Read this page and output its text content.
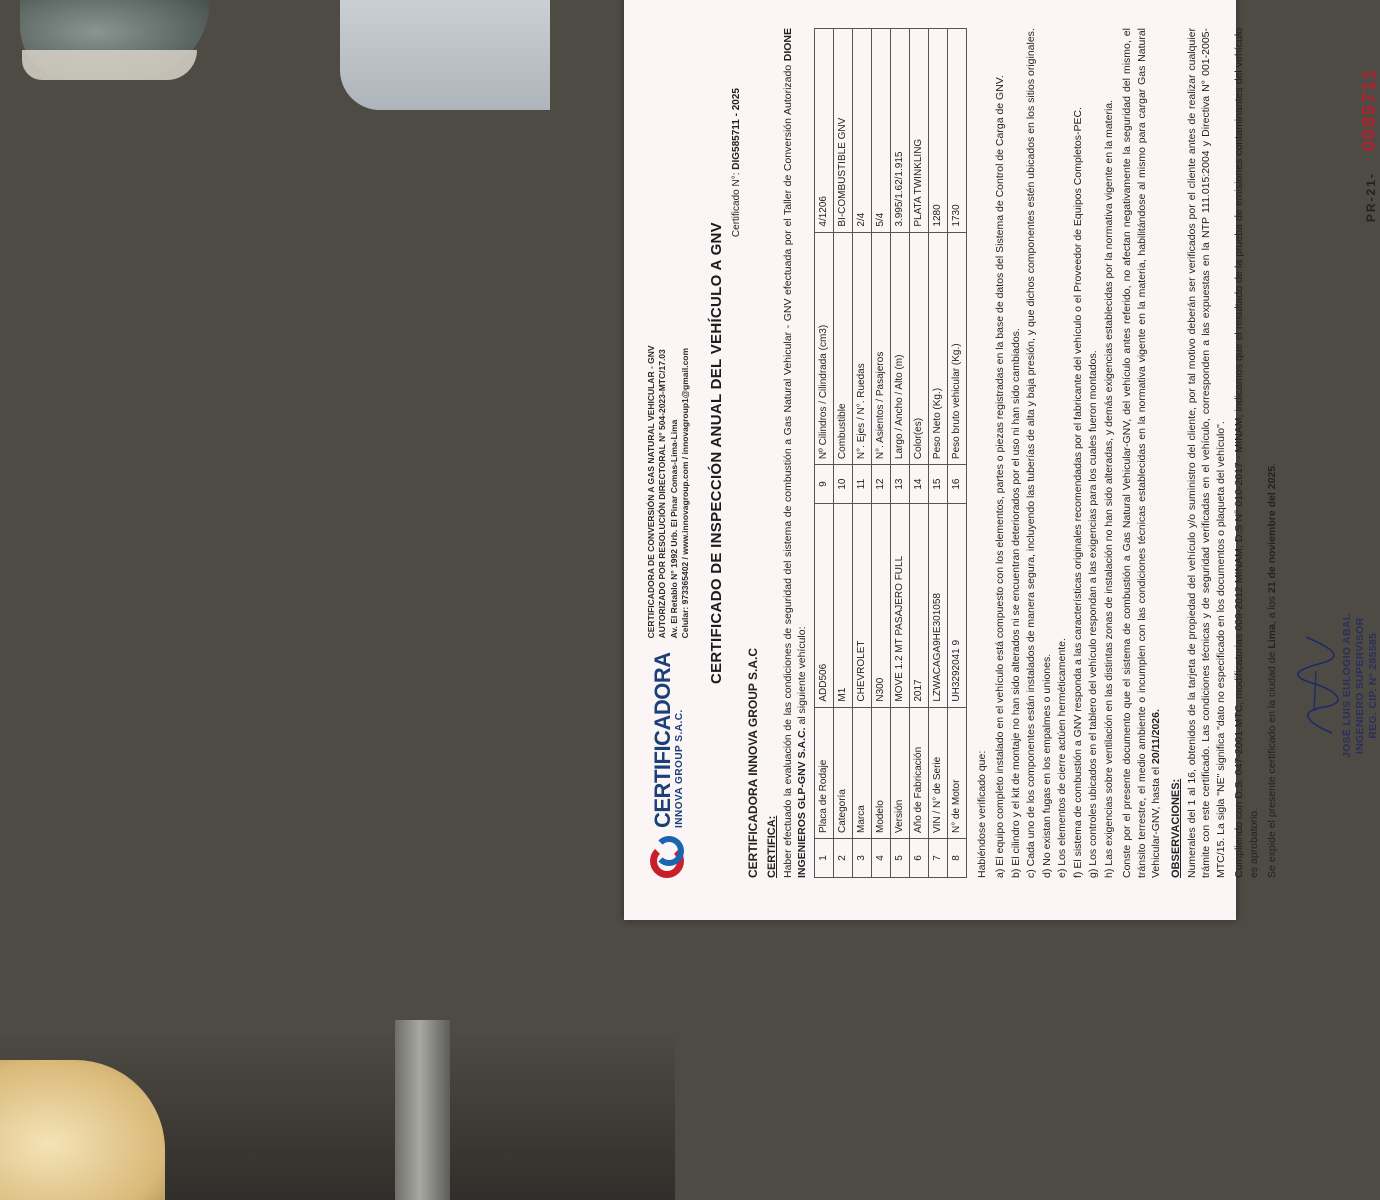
CERTIFICADORA INNOVA GROUP S.A.C.
CERTIFICADORA DE CONVERSIÓN A GAS NATURAL VEHICULAR - GNV AUTORIZADO POR RESOLUCIÓN DIRECTORAL N° 504-2023-MTC/17.03 Av. El Retablo N° 1992 Urb. El Pinar Comas-Lima-Lima Celular: 973365402 / www.innovagroup.com / innovagroup1@gmail.com CERTIFICADO DE INSPECCIÓN ANUAL DEL VEHÍCULO A GNV
Certificado N°: DIG585711 - 2025
CERTIFICADORA INNOVA GROUP S.A.C CERTIFICA: Haber efectuado la evaluación de las condiciones de seguridad del sistema de combustión a Gas Natural Vehicular - GNV efectuada por el Taller de Conversión Autorizado DIONE INGENIEROS GLP-GNV S.A.C. al siguiente vehículo:

1	Placa de Rodaje	ADD506	9	Nº Cilindros / Cilindrada (cm3)	4/1206
2	Categoría	M1	10	Combustible	BI-COMBUSTIBLE GNV
3	Marca	CHEVROLET	11	N°. Ejes / N°. Ruedas	2/4
4	Modelo	N300	12	N°. Asientos / Pasajeros	5/4
5	Versión	MOVE 1.2 MT PASAJERO FULL	13	Largo / Ancho / Alto (m)	3.995/1.62/1.915
6	Año de Fabricación	2017	14	Color(es)	PLATA TWINKLING
7	VIN / N° de Serie	LZWACAGA9HE301058	15	Peso Neto (Kg.)	1280
8	N° de Motor	UH3292041 9	16	Peso bruto vehicular (Kg.)	1730
Habiéndose verificado que: a) El equipo completo instalado en el vehículo está compuesto con los elementos, partes o piezas registradas en la base de datos del Sistema de Control de Carga de GNV. b) El cilindro y el kit de montaje no han sido alterados ni se encuentran deteriorados por el uso ni han sido cambiados. c) Cada uno de los componentes están instalados de manera segura, incluyendo las tuberías de alta y baja presión, y que dichos componentes estén ubicados en los sitios originales. d) No existan fugas en los empalmes o uniones. e) Los elementos de cierre actúen herméticamente. f) El sistema de combustión a GNV responda a las características originales recomendadas por el fabricante del vehículo o el Proveedor de Equipos Completos-PEC. g) Los controles ubicados en el tablero del vehículo respondan a las exigencias para los cuales fueron montados. h) Las exigencias sobre ventilación en las distintas zonas de instalación no han sido alteradas, y demás exigencias establecidas por la normativa vigente en la materia. Conste por el presente documento que el sistema de combustión a Gas Natural Vehicular-GNV, del vehículo antes referido, no afectan negativamente la seguridad del mismo, el tránsito terrestre, el medio ambiente o incumplen con las condiciones técnicas establecidas en la normativa vigente en la materia, habilitándose al mismo para cargar Gas Natural Vehicular-GNV, hasta el 20/11/2026.

OBSERVACIONES: Numerales del 1 al 16, obtenidos de la tarjeta de propiedad del vehículo y/o suministro del cliente, por tal motivo deberán ser verificados por el cliente antes de realizar cualquier trámite con este certificado. Las condiciones técnicas y de seguridad verificadas en el vehículo, corresponden a las expuestas en la NTP 111.015:2004 y Directiva N° 001-2005-MTC/15. La sigla "NE" significa "dato no especificado en los documentos o plaqueta del vehículo". Cumpliendo con D.S. 047-2001-MTC, modificatorias 009-2012 MINAM, D.S N° 010-2017 - MINAM, indicamos que el resultado de la prueba de emisiones contaminantes del vehículo es aprobatorio. Se expide el presente certificado en la ciudad de Lima, a los 21 de noviembre del 2025.

JOSÉ LUIS EULOGIO ABAL INGENIERO SUPERVISOR REG. CIP. N° 285585
PR-21- 0085711
